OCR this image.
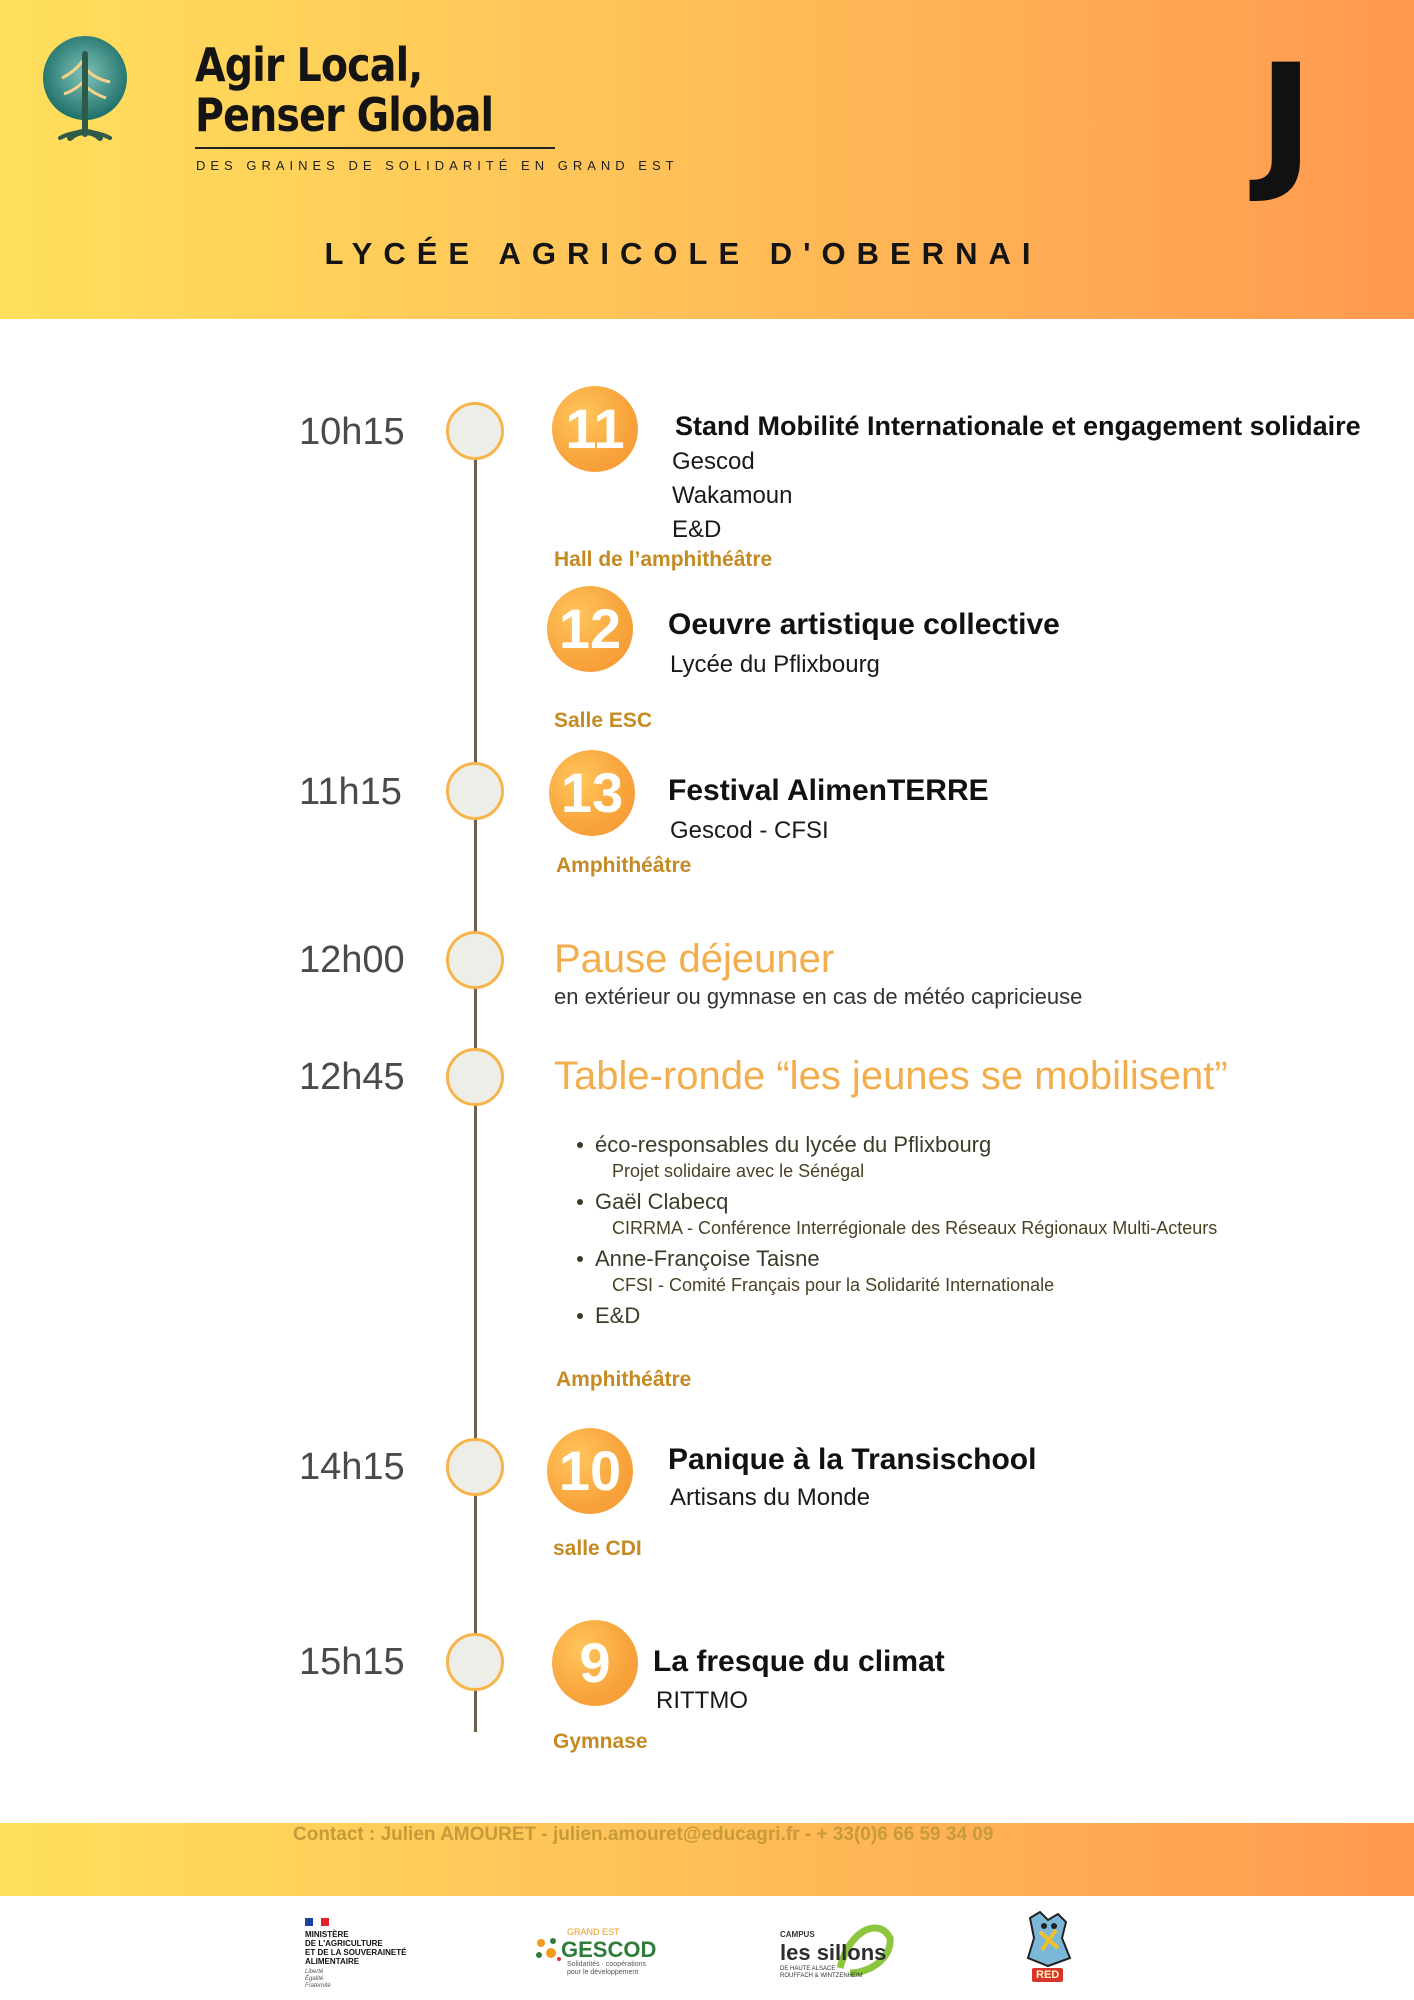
Agir Local,
Penser Global
DES GRAINES DE SOLIDARITÉ EN GRAND EST	J
LYCÉE AGRICOLE D'OBERNAI
10h15	11	Stand Mobilité Internationale et engagement solidaire
Gescod
Wakamoun
E&D
Hall de l’amphithéâtre
12	Oeuvre artistique collective
Lycée du Pflixbourg
Salle ESC
11h15	13	Festival AlimenTERRE
Gescod - CFSI
Amphithéâtre
12h00	Pause déjeuner
en extérieur ou gymnase en cas de météo capricieuse
12h45	Table-ronde “les jeunes se mobilisent”
éco-responsables du lycée du Pflixbourg
Projet solidaire avec le Sénégal
Gaël Clabecq
CIRRMA - Conférence Interrégionale des Réseaux Régionaux Multi-Acteurs
Anne-Françoise Taisne
CFSI - Comité Français pour la Solidarité Internationale
E&D
Amphithéâtre
14h15	10	Panique à la Transischool
Artisans du Monde
salle CDI
15h15	9	La fresque du climat
RITTMO
Gymnase
Contact : Julien AMOURET - julien.amouret@educagri.fr - + 33(0)6 66 59 34 09
MINISTÈRE
DE L'AGRICULTURE
ET DE LA SOUVERAINETÉ
ALIMENTAIRE
Liberté
Égalité
Fraternité
GRAND EST
GESCOD
Solidarités · coopérations pour le développement
CAMPUS
les sillons
DE HAUTE ALSACE
ROUFFACH & WINTZENHEIM	RED
